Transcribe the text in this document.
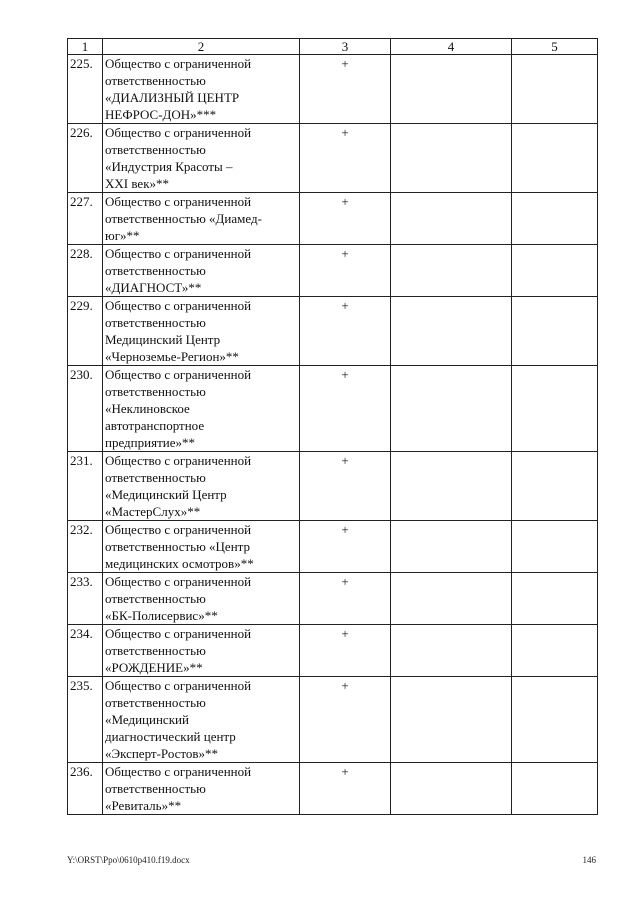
1	2	3	4	5
225.	Общество с ограниченной
ответственностью
«ДИАЛИЗНЫЙ ЦЕНТР
НЕФРОС-ДОН»***	+		
226.	Общество с ограниченной
ответственностью
«Индустрия Красоты –
XXI век»**	+		
227.	Общество с ограниченной
ответственностью «Диамед-
юг»**	+		
228.	Общество с ограниченной
ответственностью
«ДИАГНОСТ»**	+		
229.	Общество с ограниченной
ответственностью
Медицинский Центр
«Черноземье-Регион»**	+		
230.	Общество с ограниченной
ответственностью
«Неклиновское
автотранспортное
предприятие»**	+		
231.	Общество с ограниченной
ответственностью
«Медицинский Центр
«МастерСлух»**	+		
232.	Общество с ограниченной
ответственностью «Центр
медицинских осмотров»**	+		
233.	Общество с ограниченной
ответственностью
«БК-Полисервис»**	+		
234.	Общество с ограниченной
ответственностью
«РОЖДЕНИЕ»**	+		
235.	Общество с ограниченной
ответственностью
«Медицинский
диагностический центр
«Эксперт-Ростов»**	+		
236.	Общество с ограниченной
ответственностью
«Ревиталь»**	+		
Y:\ORST\Ppo\0610p410.f19.docx	146
